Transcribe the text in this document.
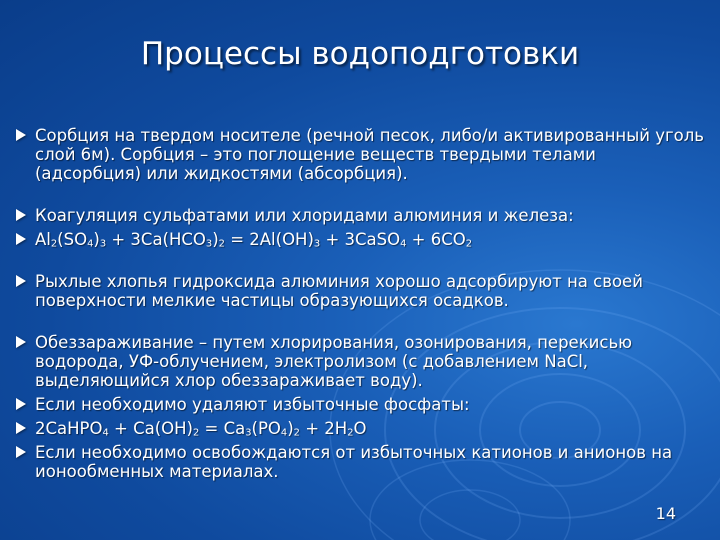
Процессы водоподготовки
Сорбция на твердом носителе (речной песок, либо/и активированный уголь слой 6м). Сорбция – это поглощение веществ твердыми телами (адсорбция) или жидкостями (абсорбция).
Коагуляция сульфатами или хлоридами алюминия и железа:
$Al_2(SO_4)_3 + 3Ca(HCO_3)_2 = 2Al(OH)_3$ + 3CaSO$_4$ + $6CO_2$
Рыхлые хлопья гидроксида алюминия хорошо адсорбируют на своей поверхности мелкие частицы образующихся осадков.
Обеззараживание – путем хлорирования, озонирования, перекисью водорода, УФ-облучением, электролизом (с добавлением NaCl, выделяющийся хлор обеззараживает воду).
Если необходимо удаляют избыточные фосфаты:
2CaHPO$_4$ + $Ca(OH)_2 = Ca_3(PO_4)_2 + 2H_2O$
Если необходимо освобождаются от избыточных катионов и анионов на ионообменных материалах.
14
